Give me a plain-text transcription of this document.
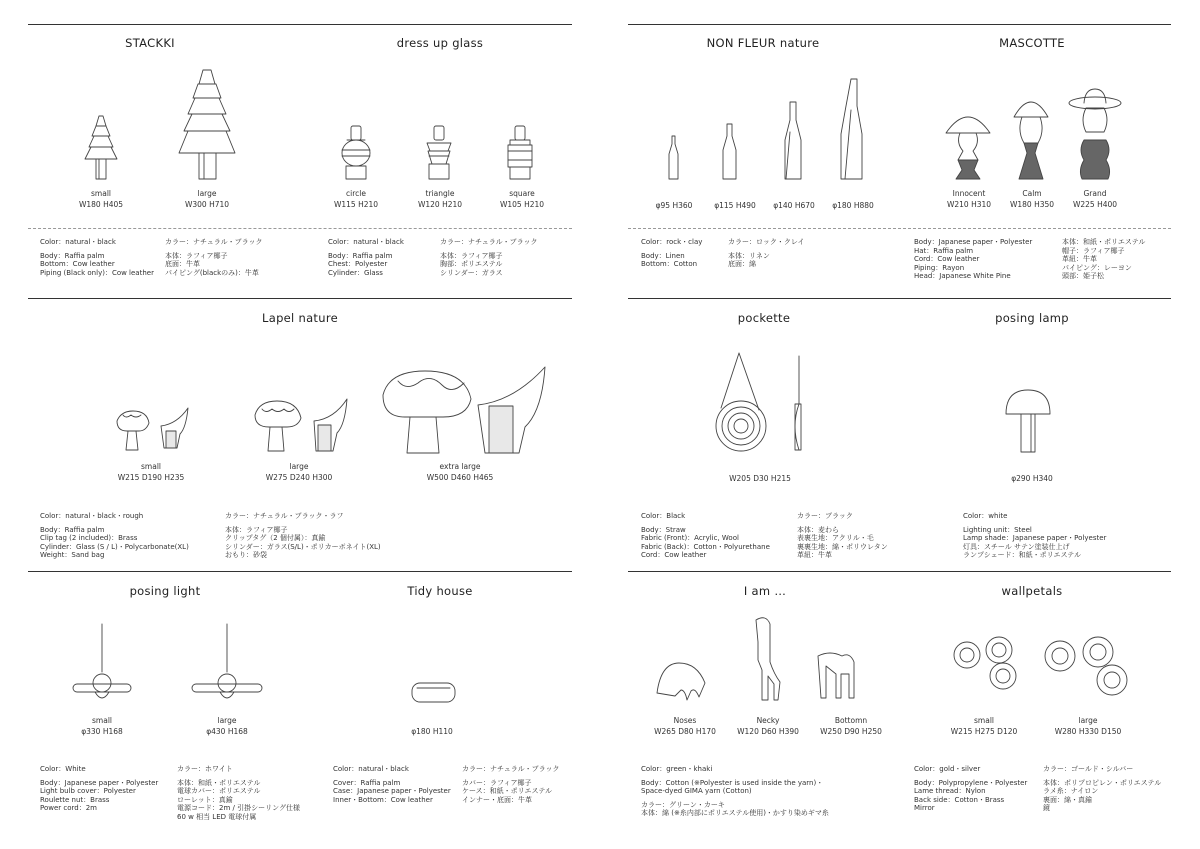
STACKKI	dress up glass	NON FLEUR nature	MASCOTTE
Lapel nature	pockette	posing lamp
posing light	Tidy house	I am …	wallpetals
small
W180 H405
large
W300 H710
circle
W115 H210
triangle
W120 H210
square
W105 H210	φ95 H360	φ115 H490 φ140 H670 φ180 H880
Innocent
W210 H310
Calm
W180 H350
Grand
W225 H400
small
W215 D190 H235
large
W275 D240 H300
extra large
W500 D460 H465	W205 D30 H215	φ290 H340
small
φ330 H168
large
φ430 H168	φ180 H110
Noses
W265 D80 H170
Necky
W120 D60 H390
Bottomn
W250 D90 H250
small
W215 H275 D120
large
W280 H330 D150
Color：natural・black
Body：Raffia palm
Bottom：Cow leather
Piping (Black only)：Cow leather
カラー：ナチュラル・ブラック
本体：ラフィア椰子
底面：牛革
パイピング(blackのみ)：牛革
Color：natural・black
Body：Raffia palm
Chest：Polyester
Cylinder：Glass
カラー：ナチュラル・ブラック
本体：ラフィア椰子
胸部：ポリエステル
シリンダー：ガラス
Color：rock・clay
Body：Linen
Bottom：Cotton
カラー：ロック・クレイ
本体：リネン
底面：綿
Body：Japanese paper・Polyester
Hat：Raffia palm
Cord：Cow leather
Piping：Rayon
Head：Japanese White Pine
本体：和紙・ポリエステル
帽子：ラフィア椰子
革紐：牛革
パイピング：レーヨン
頭部：姫子松
Color：natural・black・rough
Body：Raffia palm
Clip tag (2 included)：Brass
Cylinder：Glass (S / L)・Polycarbonate(XL)
Weight：Sand bag
カラー：ナチュラル・ブラック・ラフ
本体：ラフィア椰子
クリップタグ（2 個付属）：真鍮
シリンダー：ガラス(S/L)・ポリカーボネイト(XL)
おもり：砂袋
Color：Black
Body：Straw
Fabric (Front)：Acrylic, Wool
Fabric (Back)：Cotton・Polyurethane
Cord：Cow leather
カラー：ブラック
本体：麦わら
表裏生地：アクリル・毛
裏裏生地：綿・ポリウレタン
革紐：牛革
Color：white
Lighting unit：Steel
Lamp shade：Japanese paper・Polyester
灯具：スチール サテン塗装仕上げ
ランプシェード：和紙・ポリエステル
Color：White
Body：Japanese paper・Polyester
Light bulb cover：Polyester
Roulette nut：Brass
Power cord：2m
カラー：ホワイト
本体：和紙・ポリエステル
電球カバー：ポリエステル
ローレット：真鍮
電源コード：2m / 引掛シーリング仕様
60 w 相当 LED 電球付属
Color：natural・black
Cover：Raffia palm
Case：Japanese paper・Polyester
Inner・Bottom：Cow leather
カラー：ナチュラル・ブラック
カバー：ラフィア椰子
ケース：和紙・ポリエステル
インナー・底面：牛革
Color：green・khaki
Body：Cotton (※Polyester is used inside the yarn)・
Space-dyed GIMA yarn (Cotton)
カラー：グリーン・カーキ
本体：綿 (※糸内部にポリエステル使用)・かすり染めギマ糸
Color：gold・silver
Body：Polypropylene・Polyester
Lame thread：Nylon
Back side：Cotton・Brass
Mirror
カラー：ゴールド・シルバー
本体：ポリプロピレン・ポリエステル
ラメ糸：ナイロン
裏面：綿・真鍮
鏡
